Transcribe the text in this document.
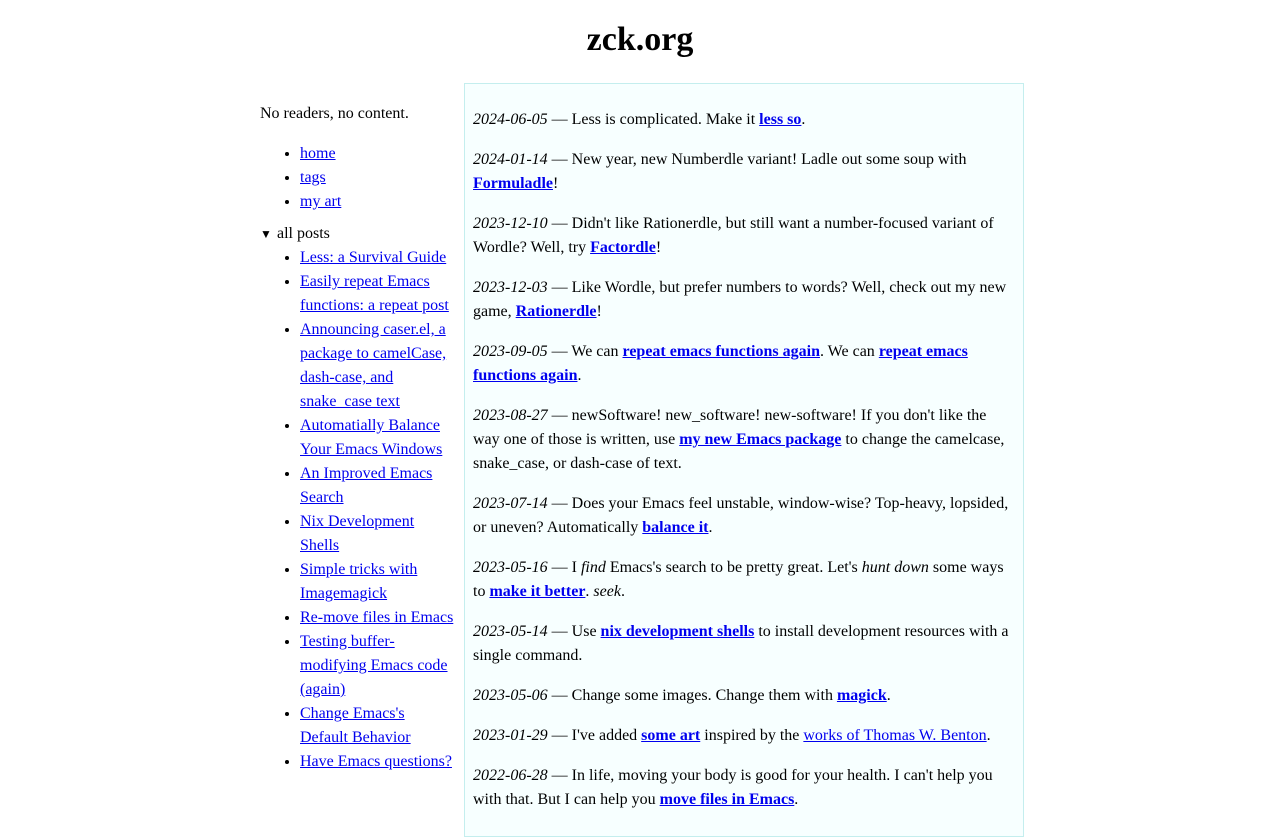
zck.org

No readers, no content.

• home
• tags
• my art
▼ all posts
• Less: a Survival Guide
• Easily repeat Emacs functions: a repeat post
• Announcing caser.el, a package to camelCase, dash-case, and snake_case text
• Automatially Balance Your Emacs Windows
• An Improved Emacs Search
• Nix Development Shells
• Simple tricks with Imagemagick
• Re-move files in Emacs
• Testing buffer-modifying Emacs code (again)
• Change Emacs's Default Behavior
• Have Emacs questions?

2024-06-05 — Less is complicated. Make it less so.

2024-01-14 — New year, new Numberdle variant! Ladle out some soup with Formuladle!

2023-12-10 — Didn't like Rationerdle, but still want a number-focused variant of Wordle? Well, try Factordle!

2023-12-03 — Like Wordle, but prefer numbers to words? Well, check out my new game, Rationerdle!

2023-09-05 — We can repeat emacs functions again. We can repeat emacs functions again.

2023-08-27 — newSoftware! new_software! new-software! If you don't like the way one of those is written, use my new Emacs package to change the camelcase, snake_case, or dash-case of text.

2023-07-14 — Does your Emacs feel unstable, window-wise? Top-heavy, lopsided, or uneven? Automatically balance it.

2023-05-16 — I find Emacs's search to be pretty great. Let's hunt down some ways to make it better. seek.

2023-05-14 — Use nix development shells to install development resources with a single command.

2023-05-06 — Change some images. Change them with magick.

2023-01-29 — I've added some art inspired by the works of Thomas W. Benton.

2022-06-28 — In life, moving your body is good for your health. I can't help you with that. But I can help you move files in Emacs.
